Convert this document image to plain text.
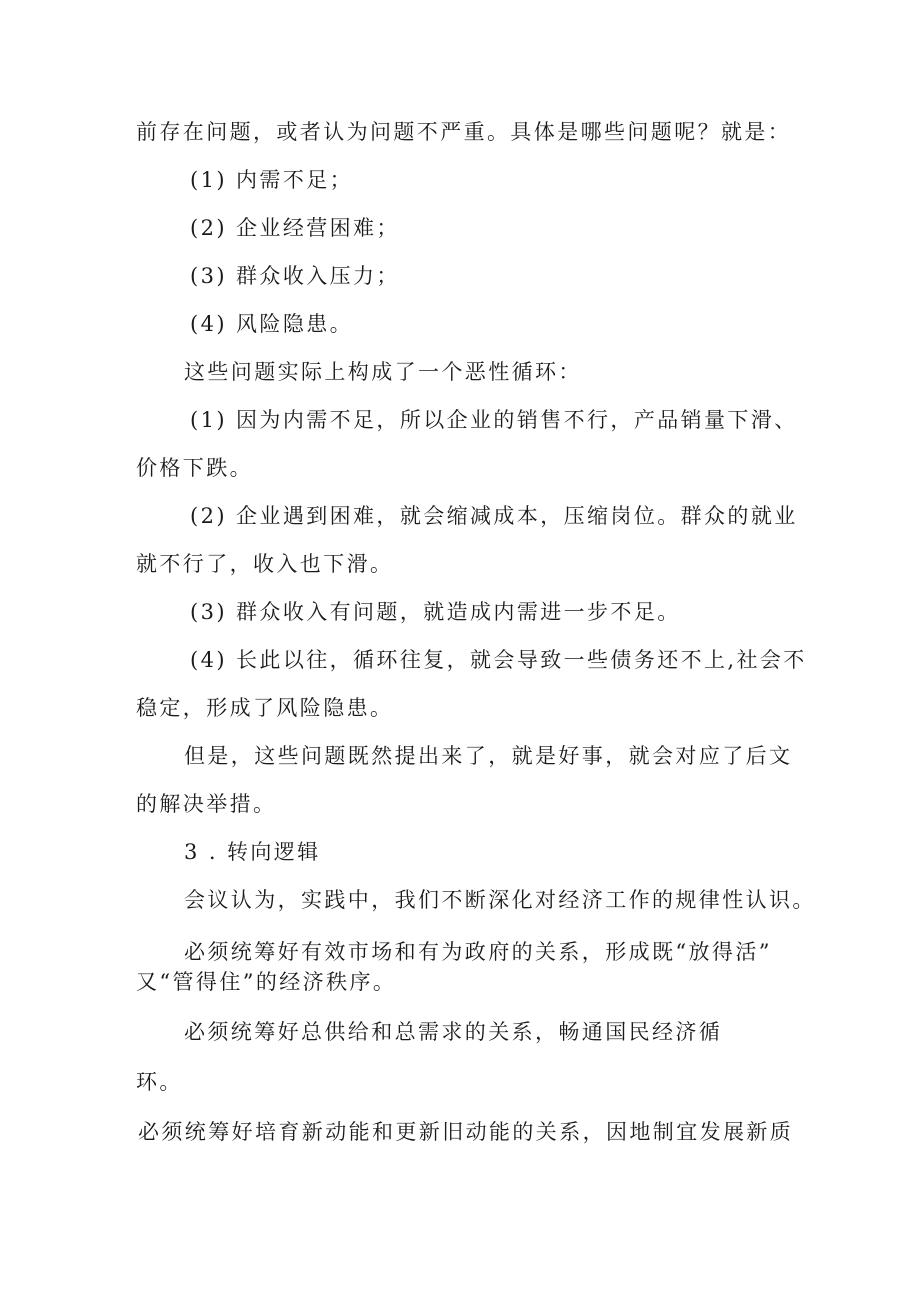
前存在问题，或者认为问题不严重。具体是哪些问题呢？就是：
(1) 内需不足；
(2) 企业经营困难；
(3) 群众收入压力；
(4) 风险隐患。
这些问题实际上构成了一个恶性循环：
(1) 因为内需不足，所以企业的销售不行，产品销量下滑、
价格下跌。
(2) 企业遇到困难，就会缩减成本，压缩岗位。群众的就业
就不行了，收入也下滑。
(3) 群众收入有问题，就造成内需进一步不足。
(4) 长此以往，循环往复，就会导致一些债务还不上,社会不
稳定，形成了风险隐患。
但是，这些问题既然提出来了，就是好事，就会对应了后文
的解决举措。
3 . 转向逻辑
会议认为，实践中，我们不断深化对经济工作的规律性认识。
必须统筹好有效市场和有为政府的关系，形成既“放得活”
又“管得住”的经济秩序。
必须统筹好总供给和总需求的关系，畅通国民经济循
环。
必须统筹好培育新动能和更新旧动能的关系，因地制宜发展新质
